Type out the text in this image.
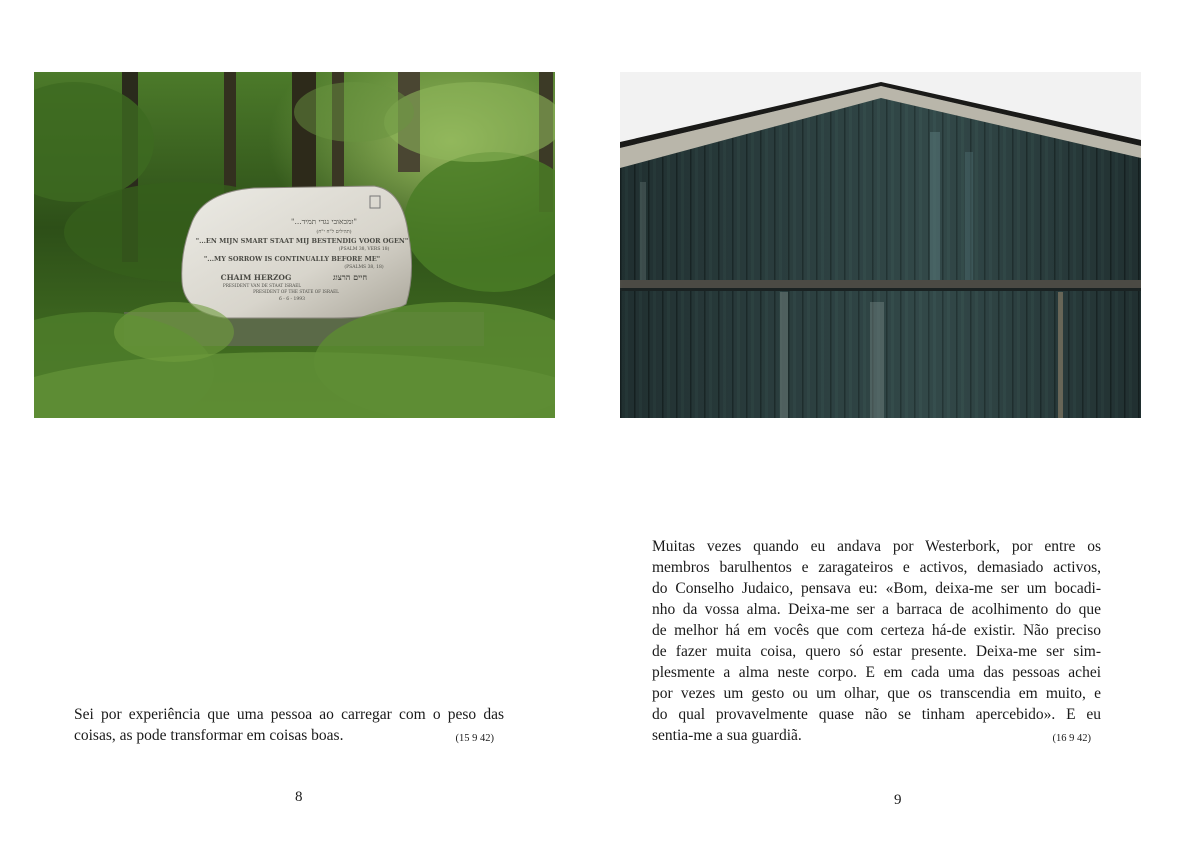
"...ומכאובי נגדי תמיד"
(תהילים ל"ח י"ח)
"...EN MIJN SMART STAAT MIJ BESTENDIG VOOR OGEN"
(PSALM 38, VERS 18)
"...MY SORROW IS CONTINUALLY BEFORE ME"
(PSALMS 38, 18)
CHAIM HERZOG	חיים הרצוג
PRESIDENT VAN DE STAAT ISRAEL
PRESIDENT OF THE STATE OF ISRAEL
6 - 6 - 1993
Sei por experiência que uma pessoa ao carregar com o peso das
coisas, as pode transformar em coisas boas.	(15 9 42)
Muitas vezes quando eu andava por Westerbork, por entre os
membros barulhentos e zaragateiros e activos, demasiado activos,
do Conselho Judaico, pensava eu: «Bom, deixa-me ser um bocadi-
nho da vossa alma. Deixa-me ser a barraca de acolhimento do que
de melhor há em vocês que com certeza há-de existir. Não preciso
de fazer muita coisa, quero só estar presente. Deixa-me ser sim-
plesmente a alma neste corpo. E em cada uma das pessoas achei
por vezes um gesto ou um olhar, que os transcendia em muito, e
do qual provavelmente quase não se tinham apercebido». E eu
sentia-me a sua guardiã.	(16 9 42)
8	9
